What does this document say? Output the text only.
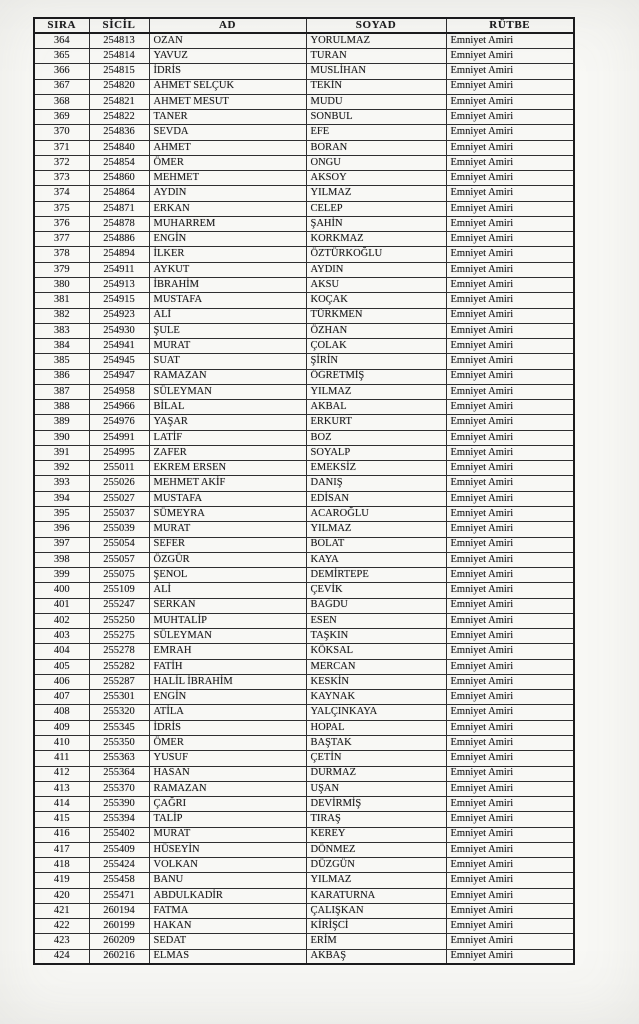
SIRA	SİCİL	AD	SOYAD	RÜTBE
364	254813	OZAN	YORULMAZ	Emniyet Amiri
365	254814	YAVUZ	TURAN	Emniyet Amiri
366	254815	İDRİS	MUSLİHAN	Emniyet Amiri
367	254820	AHMET SELÇUK	TEKİN	Emniyet Amiri
368	254821	AHMET MESUT	MUDU	Emniyet Amiri
369	254822	TANER	SONBUL	Emniyet Amiri
370	254836	SEVDA	EFE	Emniyet Amiri
371	254840	AHMET	BORAN	Emniyet Amiri
372	254854	ÖMER	ONGU	Emniyet Amiri
373	254860	MEHMET	AKSOY	Emniyet Amiri
374	254864	AYDIN	YILMAZ	Emniyet Amiri
375	254871	ERKAN	CELEP	Emniyet Amiri
376	254878	MUHARREM	ŞAHİN	Emniyet Amiri
377	254886	ENGİN	KORKMAZ	Emniyet Amiri
378	254894	İLKER	ÖZTÜRKOĞLU	Emniyet Amiri
379	254911	AYKUT	AYDIN	Emniyet Amiri
380	254913	İBRAHİM	AKSU	Emniyet Amiri
381	254915	MUSTAFA	KOÇAK	Emniyet Amiri
382	254923	ALİ	TÜRKMEN	Emniyet Amiri
383	254930	ŞULE	ÖZHAN	Emniyet Amiri
384	254941	MURAT	ÇOLAK	Emniyet Amiri
385	254945	SUAT	ŞİRİN	Emniyet Amiri
386	254947	RAMAZAN	ÖĞRETMİŞ	Emniyet Amiri
387	254958	SÜLEYMAN	YILMAZ	Emniyet Amiri
388	254966	BİLAL	AKBAL	Emniyet Amiri
389	254976	YAŞAR	ERKURT	Emniyet Amiri
390	254991	LATİF	BOZ	Emniyet Amiri
391	254995	ZAFER	SOYALP	Emniyet Amiri
392	255011	EKREM ERSEN	EMEKSİZ	Emniyet Amiri
393	255026	MEHMET AKİF	DANIŞ	Emniyet Amiri
394	255027	MUSTAFA	EDİSAN	Emniyet Amiri
395	255037	SÜMEYRA	ACAROĞLU	Emniyet Amiri
396	255039	MURAT	YILMAZ	Emniyet Amiri
397	255054	SEFER	BOLAT	Emniyet Amiri
398	255057	ÖZGÜR	KAYA	Emniyet Amiri
399	255075	ŞENOL	DEMİRTEPE	Emniyet Amiri
400	255109	ALİ	ÇEVİK	Emniyet Amiri
401	255247	SERKAN	BAĞDU	Emniyet Amiri
402	255250	MUHTALİP	ESEN	Emniyet Amiri
403	255275	SÜLEYMAN	TAŞKIN	Emniyet Amiri
404	255278	EMRAH	KÖKSAL	Emniyet Amiri
405	255282	FATİH	MERCAN	Emniyet Amiri
406	255287	HALİL İBRAHİM	KESKİN	Emniyet Amiri
407	255301	ENGİN	KAYNAK	Emniyet Amiri
408	255320	ATİLA	YALÇINKAYA	Emniyet Amiri
409	255345	İDRİS	HOPAL	Emniyet Amiri
410	255350	ÖMER	BAŞTAK	Emniyet Amiri
411	255363	YUSUF	ÇETİN	Emniyet Amiri
412	255364	HASAN	DURMAZ	Emniyet Amiri
413	255370	RAMAZAN	UŞAN	Emniyet Amiri
414	255390	ÇAĞRI	DEVİRMİŞ	Emniyet Amiri
415	255394	TALİP	TIRAŞ	Emniyet Amiri
416	255402	MURAT	KEREY	Emniyet Amiri
417	255409	HÜSEYİN	DÖNMEZ	Emniyet Amiri
418	255424	VOLKAN	DÜZGÜN	Emniyet Amiri
419	255458	BANU	YILMAZ	Emniyet Amiri
420	255471	ABDULKADİR	KARATURNA	Emniyet Amiri
421	260194	FATMA	ÇALIŞKAN	Emniyet Amiri
422	260199	HAKAN	KİRİŞCİ	Emniyet Amiri
423	260209	SEDAT	ERİM	Emniyet Amiri
424	260216	ELMAS	AKBAŞ	Emniyet Amiri
